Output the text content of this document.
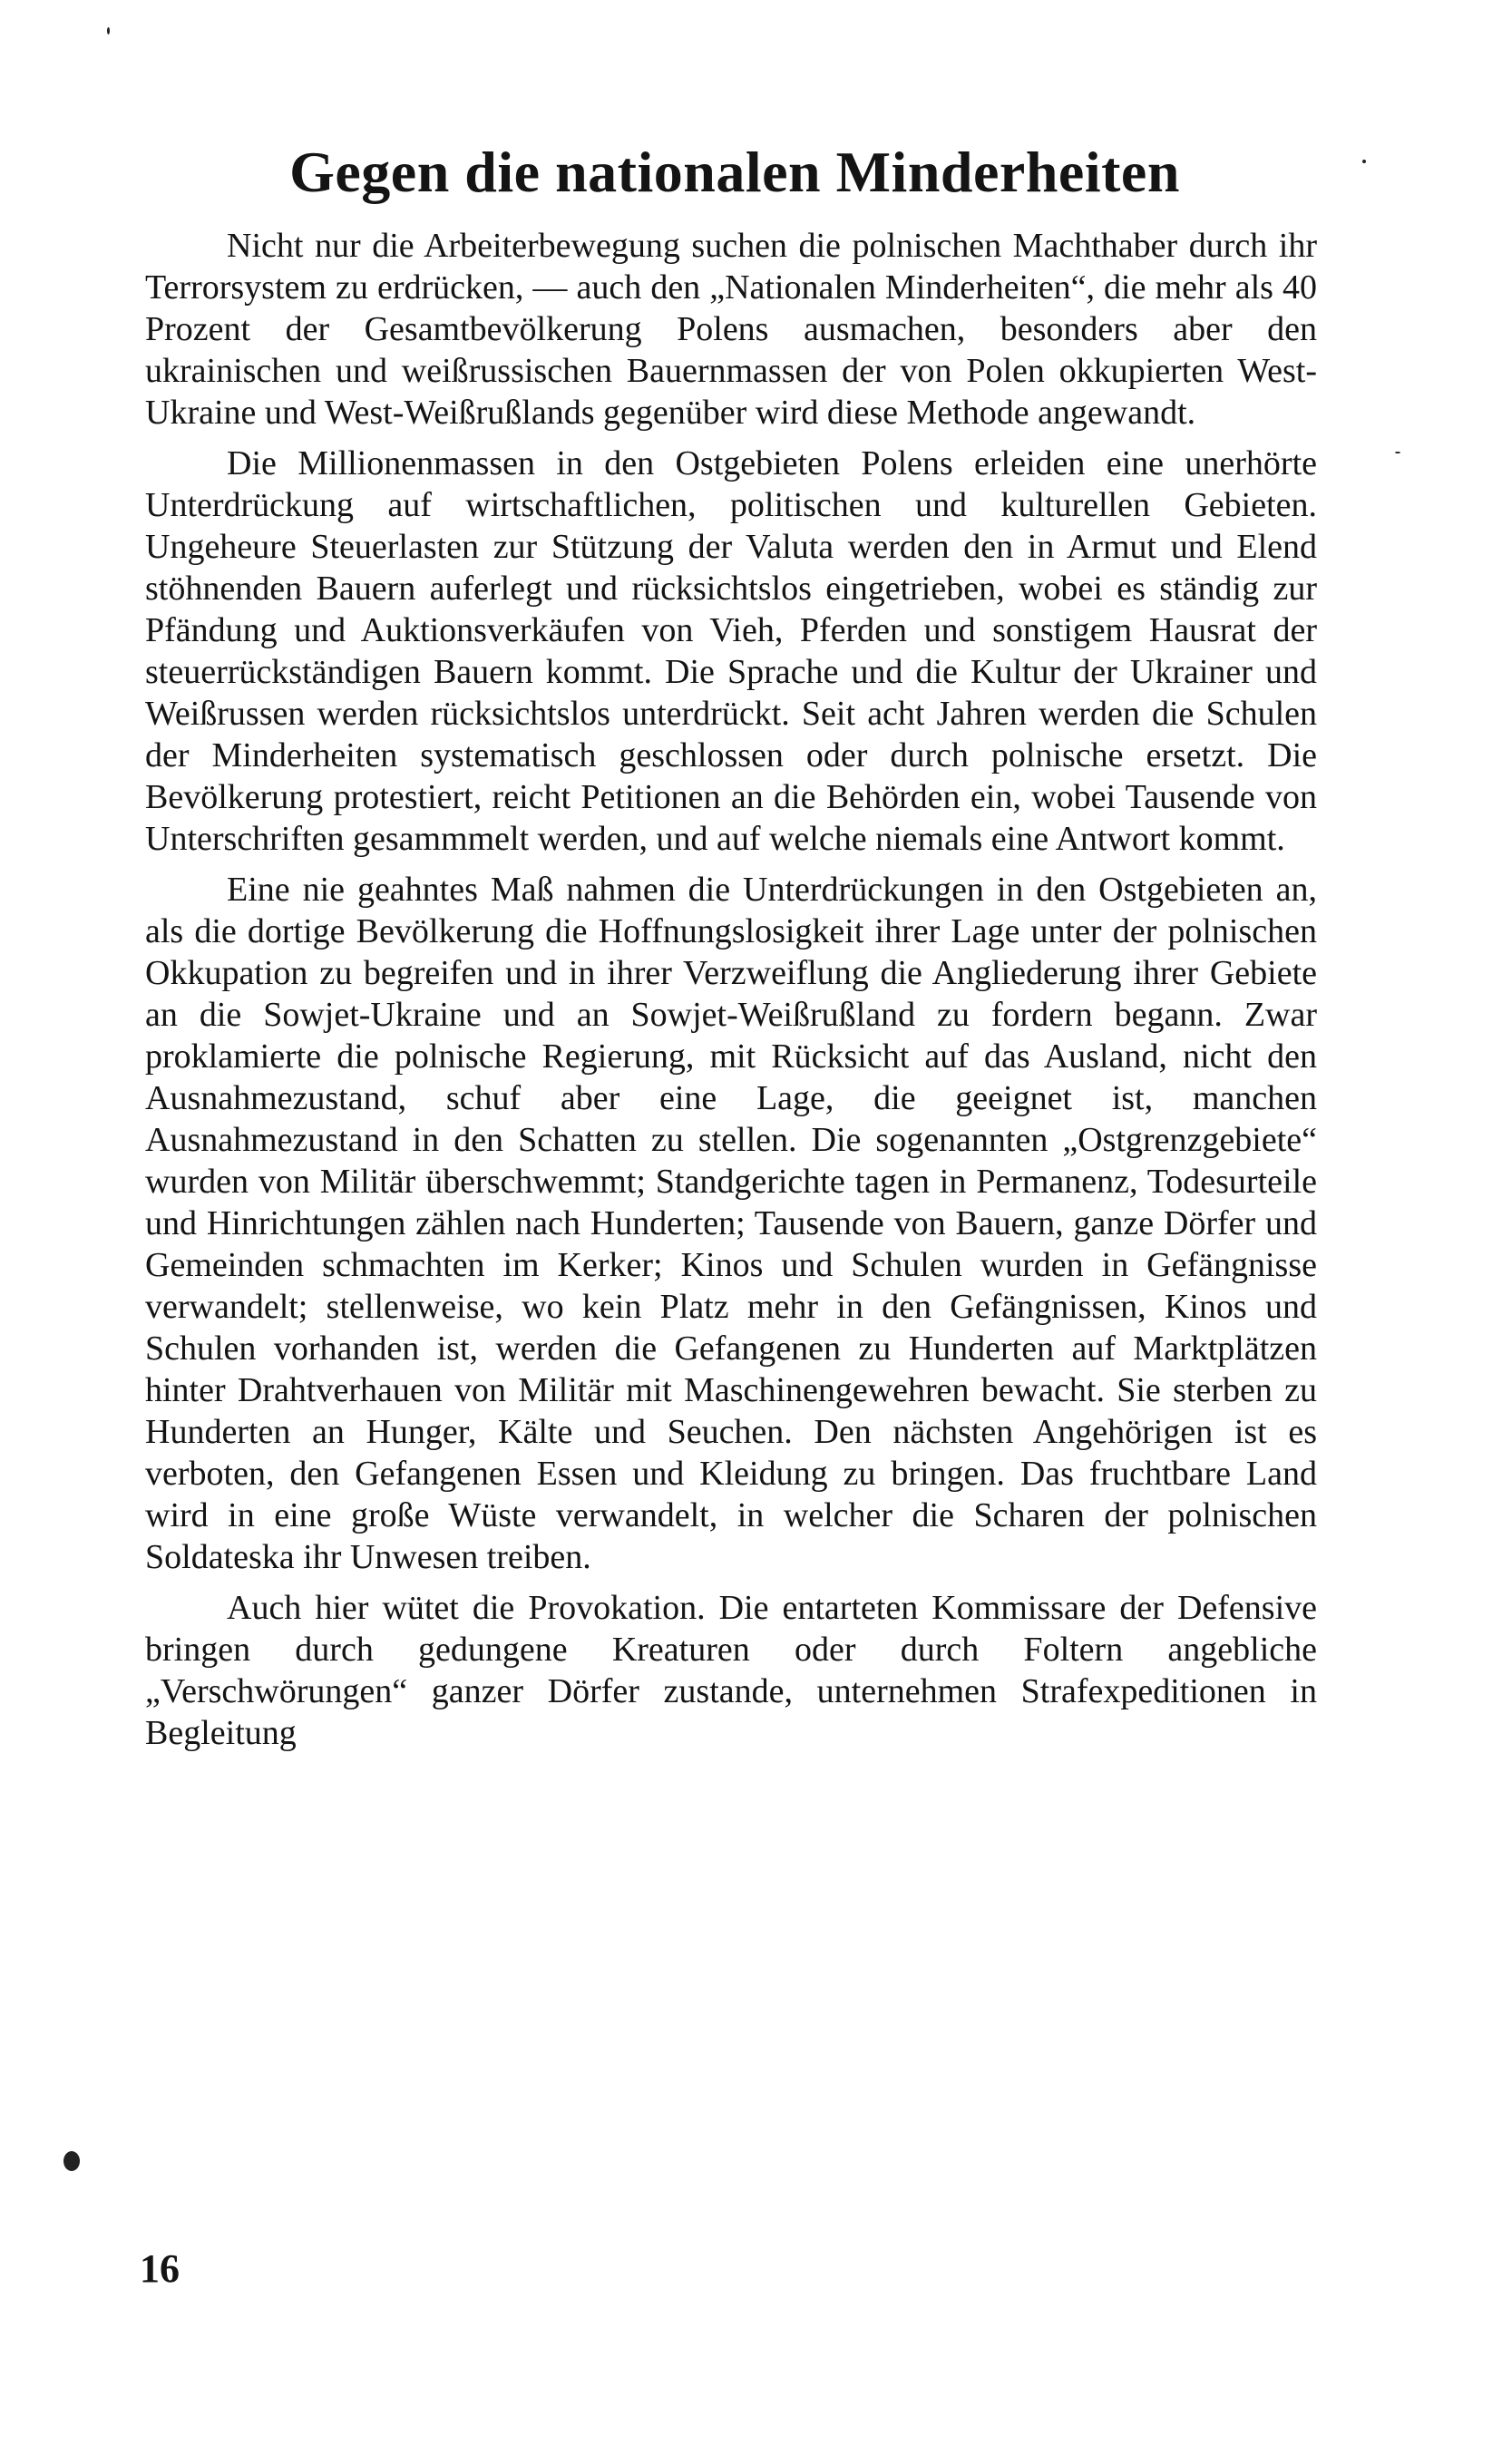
Gegen die nationalen Minderheiten

Nicht nur die Arbeiterbewegung suchen die polnischen Machthaber durch ihr Terrorsystem zu erdrücken, — auch den „Nationalen Minderheiten“, die mehr als 40 Prozent der Gesamtbevölkerung Polens ausmachen, besonders aber den ukrainischen und weißrussischen Bauernmassen der von Polen okkupierten West-Ukraine und West-Weißrußlands gegenüber wird diese Methode angewandt.

Die Millionenmassen in den Ostgebieten Polens erleiden eine unerhörte Unterdrückung auf wirtschaftlichen, politischen und kulturellen Gebieten. Ungeheure Steuerlasten zur Stützung der Valuta werden den in Armut und Elend stöhnenden Bauern auferlegt und rücksichtslos eingetrieben, wobei es ständig zur Pfändung und Auktionsverkäufen von Vieh, Pferden und sonstigem Hausrat der steuerrückständigen Bauern kommt. Die Sprache und die Kultur der Ukrainer und Weißrussen werden rücksichtslos unterdrückt. Seit acht Jahren werden die Schulen der Minderheiten systematisch geschlossen oder durch polnische ersetzt. Die Bevölkerung protestiert, reicht Petitionen an die Behörden ein, wobei Tausende von Unterschriften gesammmelt werden, und auf welche niemals eine Antwort kommt.

Eine nie geahntes Maß nahmen die Unterdrückungen in den Ostgebieten an, als die dortige Bevölkerung die Hoffnungslosigkeit ihrer Lage unter der polnischen Okkupation zu begreifen und in ihrer Verzweiflung die Angliederung ihrer Gebiete an die Sowjet-Ukraine und an Sowjet-Weißrußland zu fordern begann. Zwar proklamierte die polnische Regierung, mit Rücksicht auf das Ausland, nicht den Ausnahmezustand, schuf aber eine Lage, die geeignet ist, manchen Ausnahmezustand in den Schatten zu stellen. Die sogenannten „Ostgrenzgebiete“ wurden von Militär überschwemmt; Standgerichte tagen in Permanenz, Todesurteile und Hinrichtungen zählen nach Hunderten; Tausende von Bauern, ganze Dörfer und Gemeinden schmachten im Kerker; Kinos und Schulen wurden in Gefängnisse verwandelt; stellenweise, wo kein Platz mehr in den Gefängnissen, Kinos und Schulen vorhanden ist, werden die Gefangenen zu Hunderten auf Marktplätzen hinter Drahtverhauen von Militär mit Maschinengewehren bewacht. Sie sterben zu Hunderten an Hunger, Kälte und Seuchen. Den nächsten Angehörigen ist es verboten, den Gefangenen Essen und Kleidung zu bringen. Das fruchtbare Land wird in eine große Wüste verwandelt, in welcher die Scharen der polnischen Soldateska ihr Unwesen treiben.

Auch hier wütet die Provokation. Die entarteten Kommissare der Defensive bringen durch gedungene Kreaturen oder durch Foltern angebliche „Verschwörungen“ ganzer Dörfer zustande, unternehmen Strafexpeditionen in Begleitung

16
